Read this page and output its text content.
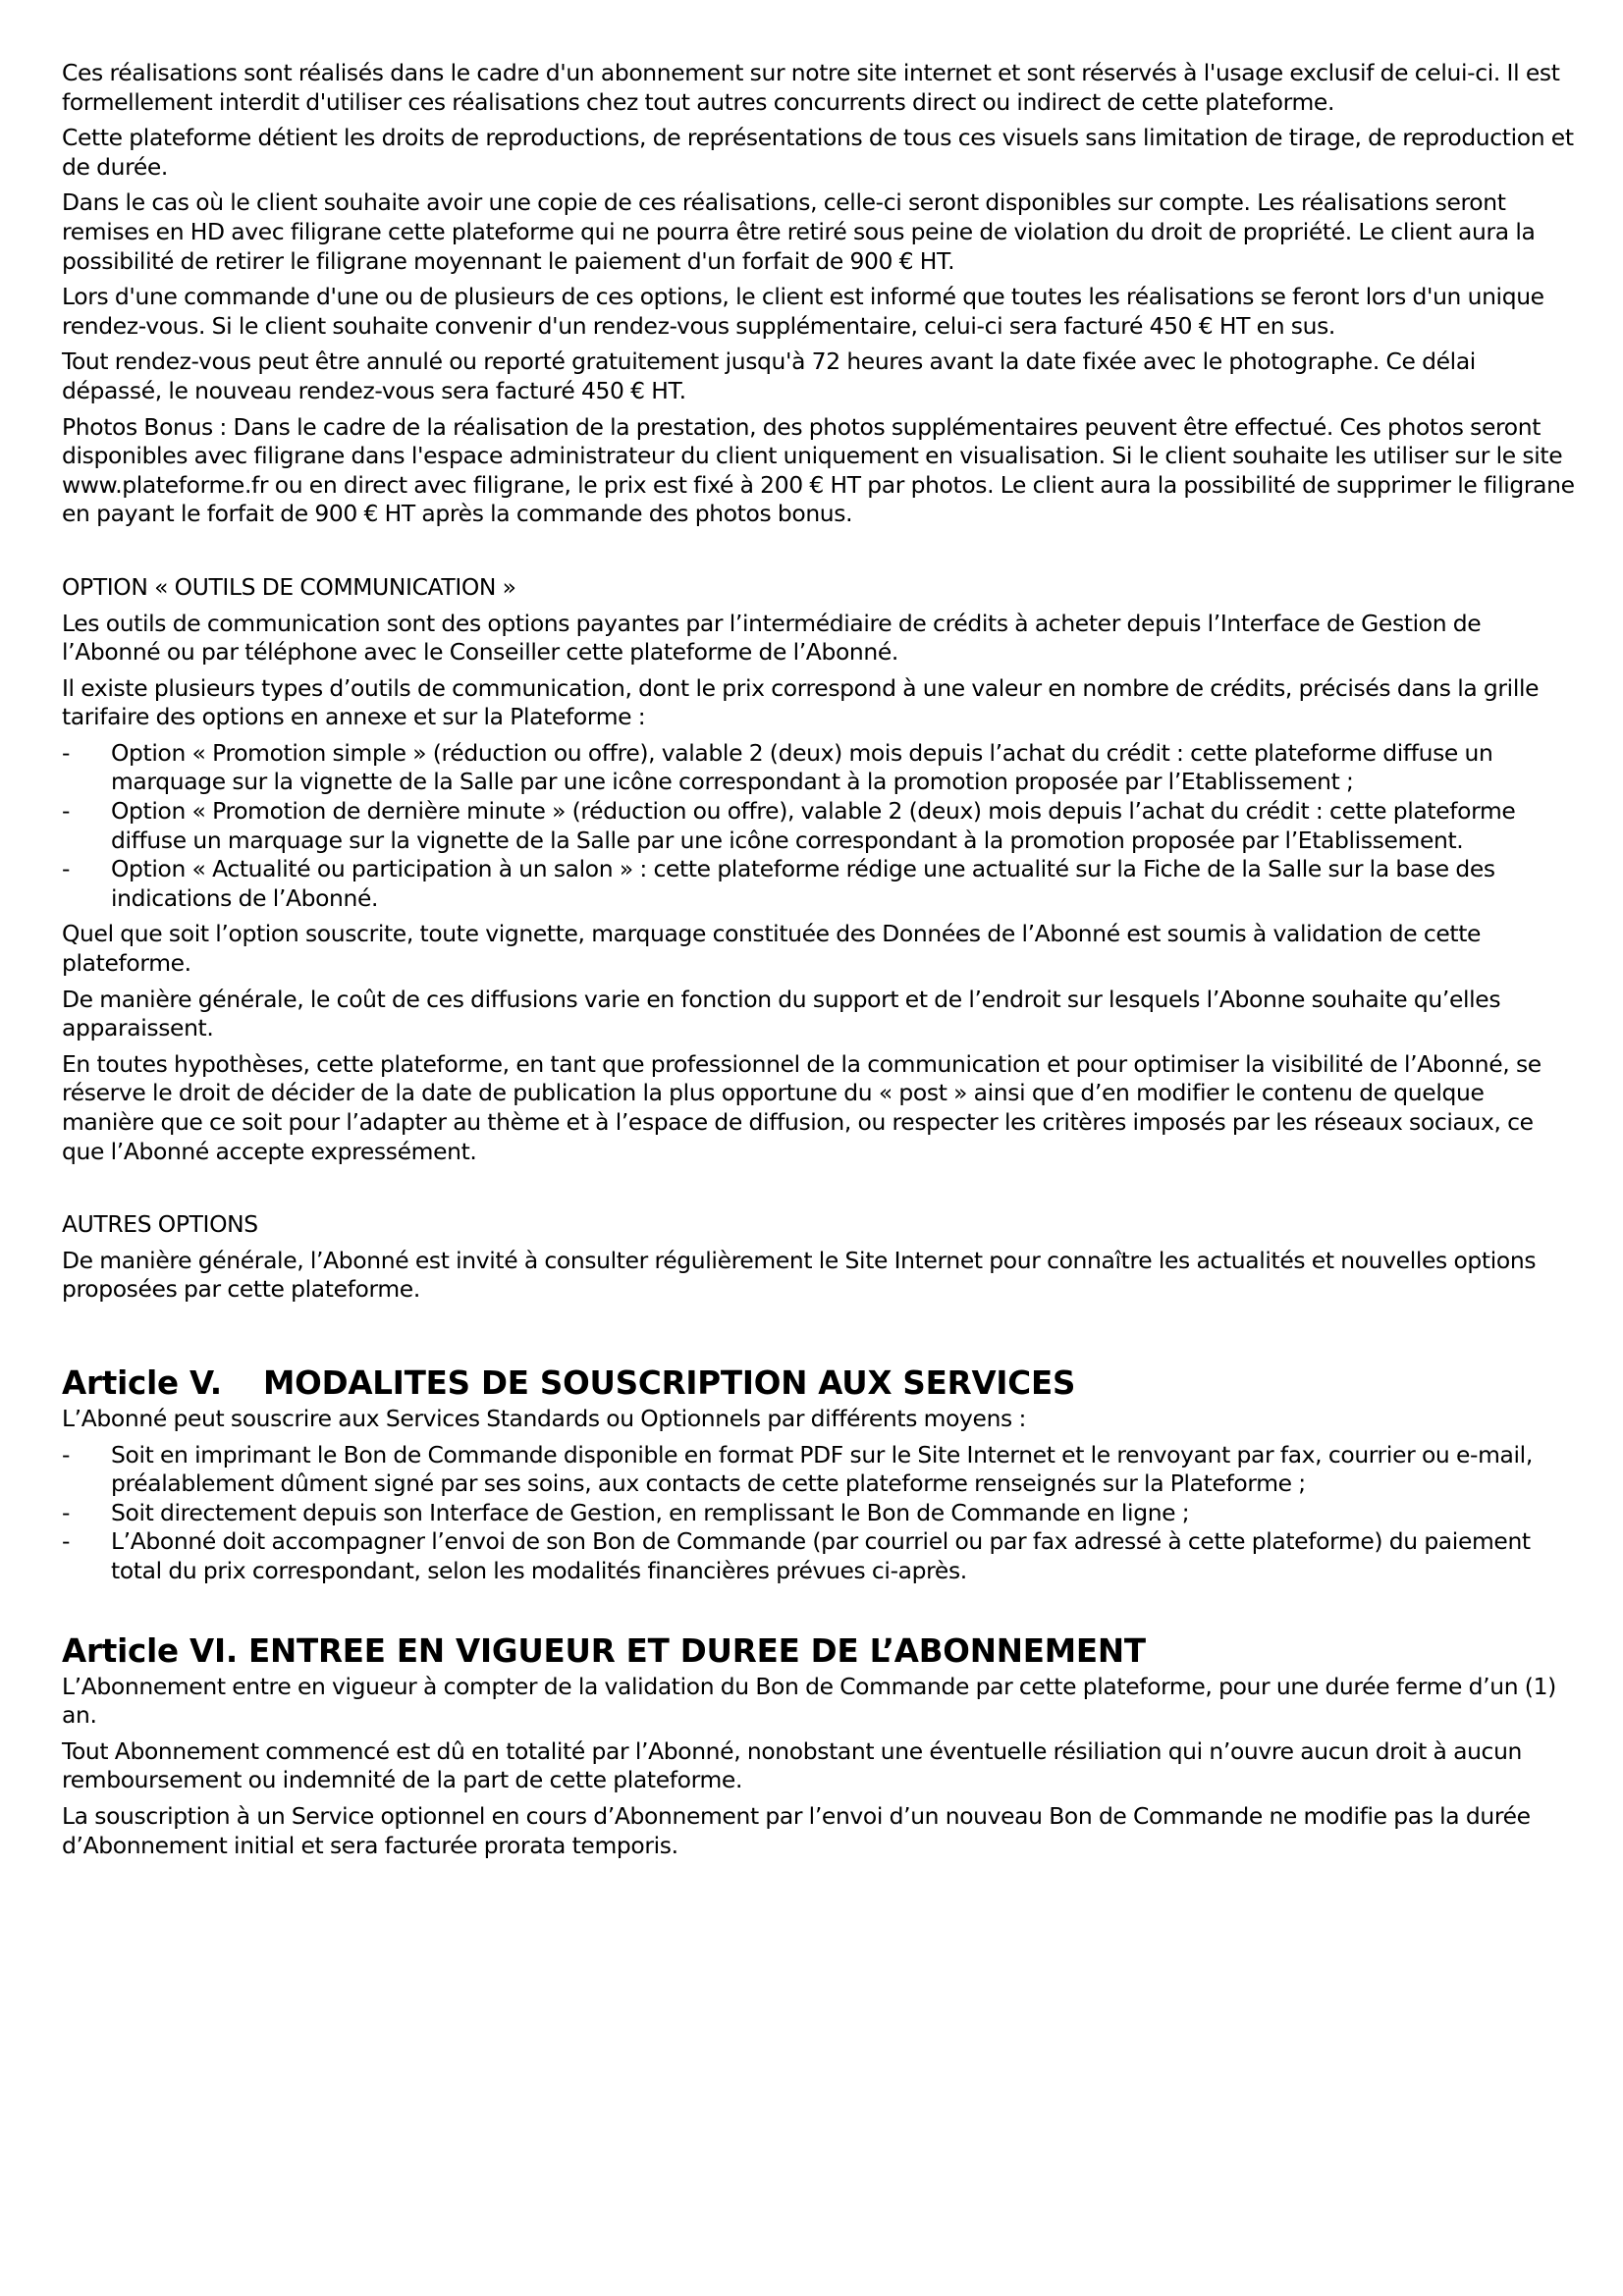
Ces réalisations sont réalisés dans le cadre d'un abonnement sur notre site internet et sont réservés à l'usage exclusif de celui-ci. Il est formellement interdit d'utiliser ces réalisations chez tout autres concurrents direct ou indirect de cette plateforme.

Cette plateforme détient les droits de reproductions, de représentations de tous ces visuels sans limitation de tirage, de reproduction et de durée.

Dans le cas où le client souhaite avoir une copie de ces réalisations, celle-ci seront disponibles sur compte. Les réalisations seront remises en HD avec filigrane cette plateforme qui ne pourra être retiré sous peine de violation du droit de propriété. Le client aura la possibilité de retirer le filigrane moyennant le paiement d'un forfait de 900 € HT.

Lors d'une commande d'une ou de plusieurs de ces options, le client est informé que toutes les réalisations se feront lors d'un unique rendez-vous. Si le client souhaite convenir d'un rendez-vous supplémentaire, celui-ci sera facturé 450 € HT en sus.

Tout rendez-vous peut être annulé ou reporté gratuitement jusqu'à 72 heures avant la date fixée avec le photographe. Ce délai dépassé, le nouveau rendez-vous sera facturé 450 € HT.

Photos Bonus : Dans le cadre de la réalisation de la prestation, des photos supplémentaires peuvent être effectué. Ces photos seront disponibles avec filigrane dans l'espace administrateur du client uniquement en visualisation. Si le client souhaite les utiliser sur le site www.plateforme.fr ou en direct avec filigrane, le prix est fixé à 200 € HT par photos. Le client aura la possibilité de supprimer le filigrane en payant le forfait de 900 € HT après la commande des photos bonus.

OPTION « OUTILS DE COMMUNICATION »

Les outils de communication sont des options payantes par l’intermédiaire de crédits à acheter depuis l’Interface de Gestion de l’Abonné ou par téléphone avec le Conseiller cette plateforme de l’Abonné.

Il existe plusieurs types d’outils de communication, dont le prix correspond à une valeur en nombre de crédits, précisés dans la grille tarifaire des options en annexe et sur la Plateforme :

- Option « Promotion simple » (réduction ou offre), valable 2 (deux) mois depuis l’achat du crédit : cette plateforme diffuse un marquage sur la vignette de la Salle par une icône correspondant à la promotion proposée par l’Etablissement ;
- Option « Promotion de dernière minute » (réduction ou offre), valable 2 (deux) mois depuis l’achat du crédit : cette plateforme diffuse un marquage sur la vignette de la Salle par une icône correspondant à la promotion proposée par l’Etablissement.
- Option « Actualité ou participation à un salon » : cette plateforme rédige une actualité sur la Fiche de la Salle sur la base des indications de l’Abonné.

Quel que soit l’option souscrite, toute vignette, marquage constituée des Données de l’Abonné est soumis à validation de cette plateforme.

De manière générale, le coût de ces diffusions varie en fonction du support et de l’endroit sur lesquels l’Abonne souhaite qu’elles apparaissent.

En toutes hypothèses, cette plateforme, en tant que professionnel de la communication et pour optimiser la visibilité de l’Abonné, se réserve le droit de décider de la date de publication la plus opportune du « post » ainsi que d’en modifier le contenu de quelque manière que ce soit pour l’adapter au thème et à l’espace de diffusion, ou respecter les critères imposés par les réseaux sociaux, ce que l’Abonné accepte expressément.

AUTRES OPTIONS

De manière générale, l’Abonné est invité à consulter régulièrement le Site Internet pour connaître les actualités et nouvelles options proposées par cette plateforme.

Article V. MODALITES DE SOUSCRIPTION AUX SERVICES

L’Abonné peut souscrire aux Services Standards ou Optionnels par différents moyens :

- Soit en imprimant le Bon de Commande disponible en format PDF sur le Site Internet et le renvoyant par fax, courrier ou e-mail, préalablement dûment signé par ses soins, aux contacts de cette plateforme renseignés sur la Plateforme ;
- Soit directement depuis son Interface de Gestion, en remplissant le Bon de Commande en ligne ;
- L’Abonné doit accompagner l’envoi de son Bon de Commande (par courriel ou par fax adressé à cette plateforme) du paiement total du prix correspondant, selon les modalités financières prévues ci-après.
Article VI. ENTREE EN VIGUEUR ET DUREE DE L’ABONNEMENT

L’Abonnement entre en vigueur à compter de la validation du Bon de Commande par cette plateforme, pour une durée ferme d’un (1) an.

Tout Abonnement commencé est dû en totalité par l’Abonné, nonobstant une éventuelle résiliation qui n’ouvre aucun droit à aucun remboursement ou indemnité de la part de cette plateforme.

La souscription à un Service optionnel en cours d’Abonnement par l’envoi d’un nouveau Bon de Commande ne modifie pas la durée d’Abonnement initial et sera facturée prorata temporis.
